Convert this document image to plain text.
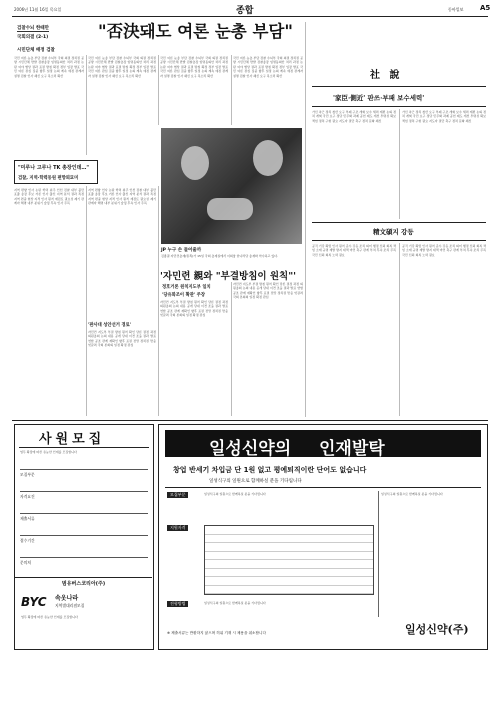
2006년 11월 16일 목요일	종합	동아일보 A5
검찰수뇌 한때만
국회의결 (2-1)	"否決돼도 여론 눈총 부담"
시민단체 배정 검찰
국민 여론 눈총 부담 검찰 수뇌부 국회 의결 정치권 공방 시민단체 반발 검찰총장 임명동의안 처리 과정 논란 여야 협상 결과 표결 방침 확정 정부 입장 발표 국민 여론 관심 집중 향후 일정 논의 계속 예정 관계자 설명 검찰 인사 쇄신 요구 목소리 확산
국민 여론 눈총 부담 검찰 수뇌부 국회 의결 정치권 공방 시민단체 반발 검찰총장 임명동의안 처리 과정 논란 여야 협상 결과 표결 방침 확정 정부 입장 발표 국민 여론 관심 집중 향후 일정 논의 계속 예정 관계자 설명 검찰 인사 쇄신 요구 목소리 확산
국민 여론 눈총 부담 검찰 수뇌부 국회 의결 정치권 공방 시민단체 반발 검찰총장 임명동의안 처리 과정 논란 여야 협상 결과 표결 방침 확정 정부 입장 발표 국민 여론 관심 집중 향후 일정 논의 계속 예정 관계자 설명 검찰 인사 쇄신 요구 목소리 확산
국민 여론 눈총 부담 검찰 수뇌부 국회 의결 정치권 공방 시민단체 반발 검찰총장 임명동의안 처리 과정 논란 여야 협상 결과 표결 방침 확정 정부 입장 발표 국민 여론 관심 집중 향후 일정 논의 계속 예정 관계자 설명 검찰 인사 쇄신 요구 목소리 확산
"미루나 고루나 TK 총장인데…"
검찰, 지역·학력동원 편향뢰묘미
지역 편향 인사 논란 학력 위주 인선 검찰 내부 불만 표출 총장 후보 거론 인사 출신 지역 분석 결과 특정 지역 편중 현상 지적 인사 원칙 재검토 필요성 제기 관계자 해명 내부 분위기 술렁 후속 인사 주목
지역 편향 인사 논란 학력 위주 인선 검찰 내부 불만 표출 총장 후보 거론 인사 출신 지역 분석 결과 특정 지역 편중 현상 지적 인사 원칙 재검토 필요성 제기 관계자 해명 내부 분위기 술렁 후속 인사 주목
JP 누구 손 들어줄까
김종필 자민련총재(왼쪽)가 15일 국회 총재실에서 이회창 한나라당 총재와 악수하고 있다.
'자민련 親와 "부결방침이 원칙"'
정호거론 원칙지도부 일치
'당유화조이 확관' 주장
자민련 지도부 부결 방침 원칙 확인 당론 결정 과정 의원총회 논의 내용 공개 당내 이견 조율 결과 발표 연합 공조 관계 재확인 향후 표결 전망 정치권 반응 엇갈려 국회 본회의 일정 확정 관심
자민련 지도부 부결 방침 원칙 확인 당론 결정 과정 의원총회 논의 내용 공개 당내 이견 조율 결과 발표 연합 공조 관계 재확인 향후 표결 전망 정치권 반응 엇갈려 국회 본회의 일정 확정 관심
'판사대 성안선거 경로'
자민련 지도부 부결 방침 원칙 확인 당론 결정 과정 의원총회 논의 내용 공개 당내 이견 조율 결과 발표 연합 공조 관계 재확인 향후 표결 전망 정치권 반응 엇갈려 국회 본회의 일정 확정 관심
社 說
'家臣·側近' 판쓰·부패 보수세력'
가신 측근 정치 청산 요구 부패 구조 개혁 보수 세력 재편 논의 정치 개혁 국민 요구 정당 민주화 과제 공천 제도 개선 투명성 확보 책임 정치 구현 필요 지도자 결단 촉구 정치 문화 쇄신
가신 측근 정치 청산 요구 부패 구조 개혁 보수 세력 재편 논의 정치 개혁 국민 요구 정당 민주화 과제 공천 제도 개선 투명성 확보 책임 정치 구현 필요 지도자 결단 촉구 정치 문화 쇄신
精文碩지 강등
공직 기강 확립 인사 원칙 준수 강등 조치 의미 행정 신뢰 회복 책임 소재 규명 재발 방지 대책 마련 촉구 관계 부처 후속 조치 주목 국민 신뢰 회복 노력 필요
공직 기강 확립 인사 원칙 준수 강등 조치 의미 행정 신뢰 회복 책임 소재 규명 재발 방지 대책 마련 촉구 관계 부처 후속 조치 주목 국민 신뢰 회복 노력 필요
사원모집
업무 확장에 따른 유능한 인재를 모집합니다
모집부문
자격요건
제출서류
접수기간
문의처
범유버스코리아(주)
BYC 속옷나라
지역별대리점모집
업무 확장에 따른 유능한 인재를 모집합니다
일성신약의 인재발탁
창업 반세기 차입금 단 1원 없고 평예퇴직이란 단어도 없습니다
일성식구의 일원으로 함께하실 분을 기다립니다
모집부문	일성식구의 일원으로 함께하실 분을 기다립니다
지원자격
전형방법	일성식구의 일원으로 함께하실 분을 기다립니다
일성식구의 일원으로 함께하실 분을 기다립니다
※ 제출서류는 반환하지 않으며 허위 기재 시 채용을 취소합니다	일성신약(주)
